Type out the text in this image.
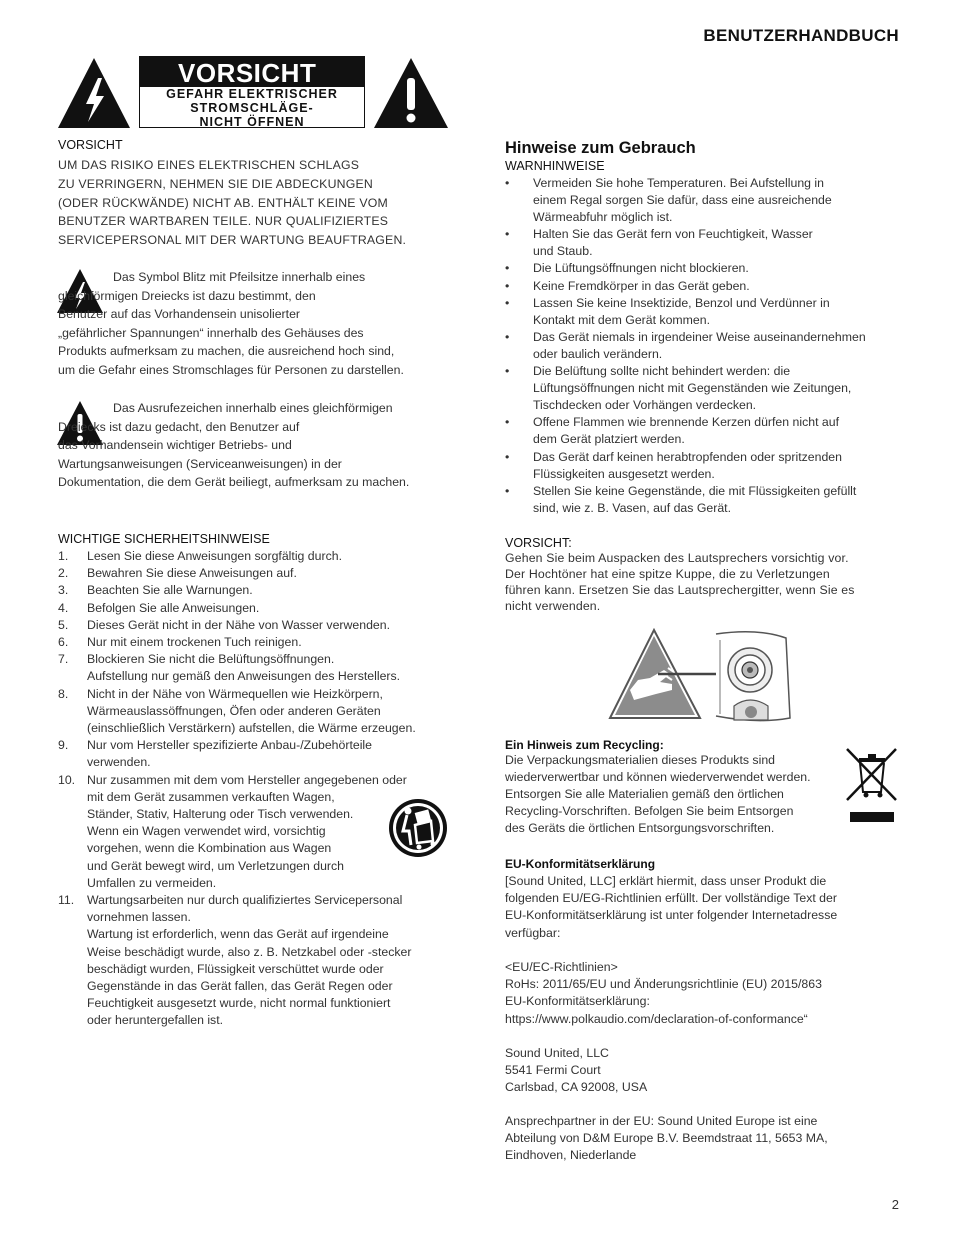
BENUTZERHANDBUCH
VORSICHT
GEFAHR ELEKTRISCHER
STROMSCHLÄGE-
NICHT ÖFFNEN
VORSICHT
UM DAS RISIKO EINES ELEKTRISCHEN SCHLAGS
ZU VERRINGERN, NEHMEN SIE DIE ABDECKUNGEN
(ODER RÜCKWÄNDE) NICHT AB. ENTHÄLT KEINE VOM
BENUTZER WARTBAREN TEILE. NUR QUALIFIZIERTES
SERVICEPERSONAL MIT DER WARTUNG BEAUFTRAGEN.
Das Symbol Blitz mit Pfeilsitze innerhalb eines
gleichförmigen Dreiecks ist dazu bestimmt, den
Benutzer auf das Vorhandensein unisolierter
„gefährlicher Spannungen“ innerhalb des Gehäuses des
Produkts aufmerksam zu machen, die ausreichend hoch sind,
um die Gefahr eines Stromschlages für Personen zu darstellen.
Das Ausrufezeichen innerhalb eines gleichförmigen
Dreiecks ist dazu gedacht, den Benutzer auf
das Vorhandensein wichtiger Betriebs- und
Wartungsanweisungen (Serviceanweisungen) in der
Dokumentation, die dem Gerät beiliegt, aufmerksam zu machen.
WICHTIGE SICHERHEITSHINWEISE
1. Lesen Sie diese Anweisungen sorgfältig durch.
2. Bewahren Sie diese Anweisungen auf.
3. Beachten Sie alle Warnungen.
4. Befolgen Sie alle Anweisungen.
5. Dieses Gerät nicht in der Nähe von Wasser verwenden.
6. Nur mit einem trockenen Tuch reinigen.
7. Blockieren Sie nicht die Belüftungsöffnungen.
Aufstellung nur gemäß den Anweisungen des Herstellers.
8. Nicht in der Nähe von Wärmequellen wie Heizkörpern,
Wärmeauslassöffnungen, Öfen oder anderen Geräten
(einschließlich Verstärkern) aufstellen, die Wärme erzeugen.
9. Nur vom Hersteller spezifizierte Anbau-/Zubehörteile
verwenden.
10. Nur zusammen mit dem vom Hersteller angegebenen oder
mit dem Gerät zusammen verkauften Wagen,
Ständer, Stativ, Halterung oder Tisch verwenden.
Wenn ein Wagen verwendet wird, vorsichtig
vorgehen, wenn die Kombination aus Wagen
und Gerät bewegt wird, um Verletzungen durch
Umfallen zu vermeiden.
11. Wartungsarbeiten nur durch qualifiziertes Servicepersonal
vornehmen lassen.
Wartung ist erforderlich, wenn das Gerät auf irgendeine
Weise beschädigt wurde, also z. B. Netzkabel oder -stecker
beschädigt wurden, Flüssigkeit verschüttet wurde oder
Gegenstände in das Gerät fallen, das Gerät Regen oder
Feuchtigkeit ausgesetzt wurde, nicht normal funktioniert
oder heruntergefallen ist.
Hinweise zum Gebrauch
WARNHINWEISE
• Vermeiden Sie hohe Temperaturen. Bei Aufstellung in
einem Regal sorgen Sie dafür, dass eine ausreichende
Wärmeabfuhr möglich ist.
• Halten Sie das Gerät fern von Feuchtigkeit, Wasser
und Staub.
• Die Lüftungsöffnungen nicht blockieren.
• Keine Fremdkörper in das Gerät geben.
• Lassen Sie keine Insektizide, Benzol und Verdünner in
Kontakt mit dem Gerät kommen.
• Das Gerät niemals in irgendeiner Weise auseinandernehmen
oder baulich verändern.
• Die Belüftung sollte nicht behindert werden: die
Lüftungsöffnungen nicht mit Gegenständen wie Zeitungen,
Tischdecken oder Vorhängen verdecken.
• Offene Flammen wie brennende Kerzen dürfen nicht auf
dem Gerät platziert werden.
• Das Gerät darf keinen herabtropfenden oder spritzenden
Flüssigkeiten ausgesetzt werden.
• Stellen Sie keine Gegenstände, die mit Flüssigkeiten gefüllt
sind, wie z. B. Vasen, auf das Gerät.
VORSICHT:
Gehen Sie beim Auspacken des Lautsprechers vorsichtig vor.
Der Hochtöner hat eine spitze Kuppe, die zu Verletzungen
führen kann. Ersetzen Sie das Lautsprechergitter, wenn Sie es
nicht verwenden.
Ein Hinweis zum Recycling:
Die Verpackungsmaterialien dieses Produkts sind
wiederverwertbar und können wiederverwendet werden.
Entsorgen Sie alle Materialien gemäß den örtlichen
Recycling-Vorschriften. Befolgen Sie beim Entsorgen
des Geräts die örtlichen Entsorgungsvorschriften.
EU-Konformitätserklärung
[Sound United, LLC] erklärt hiermit, dass unser Produkt die
folgenden EU/EG-Richtlinien erfüllt. Der vollständige Text der
EU-Konformitätserklärung ist unter folgender Internetadresse
verfügbar:
<EU/EC-Richtlinien>
RoHs: 2011/65/EU und Änderungsrichtlinie (EU) 2015/863
EU-Konformitätserklärung:
https://www.polkaudio.com/declaration-of-conformance“
Sound United, LLC
5541 Fermi Court
Carlsbad, CA 92008, USA
Ansprechpartner in der EU: Sound United Europe ist eine
Abteilung von D&M Europe B.V. Beemdstraat 11, 5653 MA,
Eindhoven, Niederlande
2
